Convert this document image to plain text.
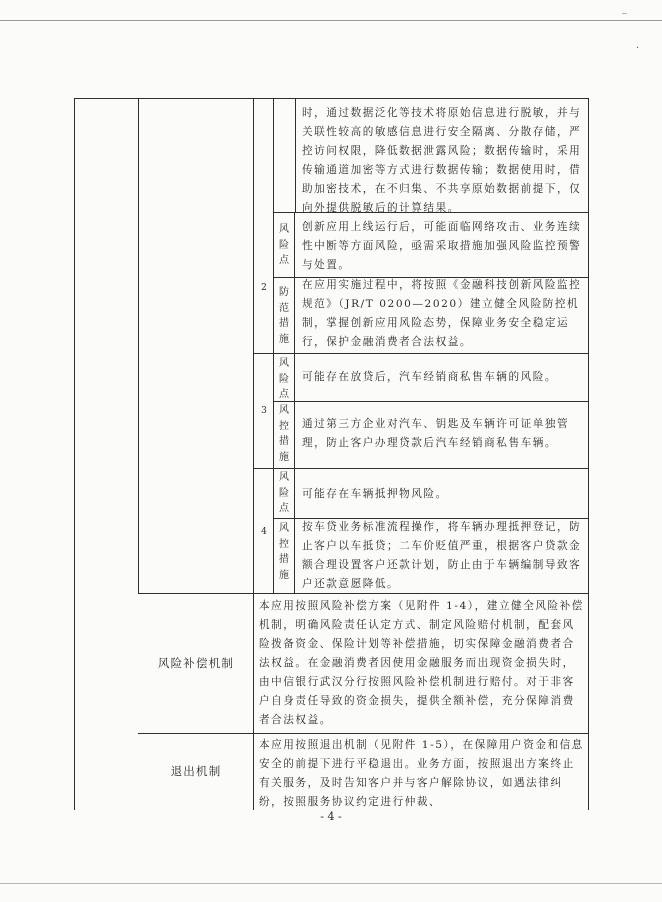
‾
·
时，通过数据泛化等技术将原始信息进行脱敏，并与关联性较高的敏感信息进行安全隔离、分散存储，严控访问权限，降低数据泄露风险；数据传输时，采用传输通道加密等方式进行数据传输；数据使用时，借助加密技术，在不归集、不共享原始数据前提下，仅向外提供脱敏后的计算结果。
2
风险点
创新应用上线运行后，可能面临网络攻击、业务连续性中断等方面风险，亟需采取措施加强风险监控预警与处置。
防范措施
在应用实施过程中，将按照《金融科技创新风险监控规范》（JR/T 0200—2020）建立健全风险防控机制，掌握创新应用风险态势，保障业务安全稳定运行，保护金融消费者合法权益。
3
风险点
可能存在放贷后，汽车经销商私售车辆的风险。
风控措施
通过第三方企业对汽车、钥匙及车辆许可证单独管理，防止客户办理贷款后汽车经销商私售车辆。
4
风险点
可能存在车辆抵押物风险。
风控措施
按车贷业务标准流程操作，将车辆办理抵押登记，防止客户以车抵贷；二车价贬值严重，根据客户贷款金额合理设置客户还款计划，防止由于车辆编制导致客户还款意愿降低。
风险补偿机制
本应用按照风险补偿方案（见附件 1-4），建立健全风险补偿机制，明确风险责任认定方式、制定风险赔付机制，配套风险拨备资金、保险计划等补偿措施，切实保障金融消费者合法权益。在金融消费者因使用金融服务而出现资金损失时，由中信银行武汉分行按照风险补偿机制进行赔付。对于非客户自身责任导致的资金损失，提供全额补偿，充分保障消费者合法权益。
退出机制
本应用按照退出机制（见附件 1-5），在保障用户资金和信息安全的前提下进行平稳退出。业务方面，按照退出方案终止有关服务，及时告知客户并与客户解除协议，如遇法律纠纷，按照服务协议约定进行仲裁、
- 4 -
